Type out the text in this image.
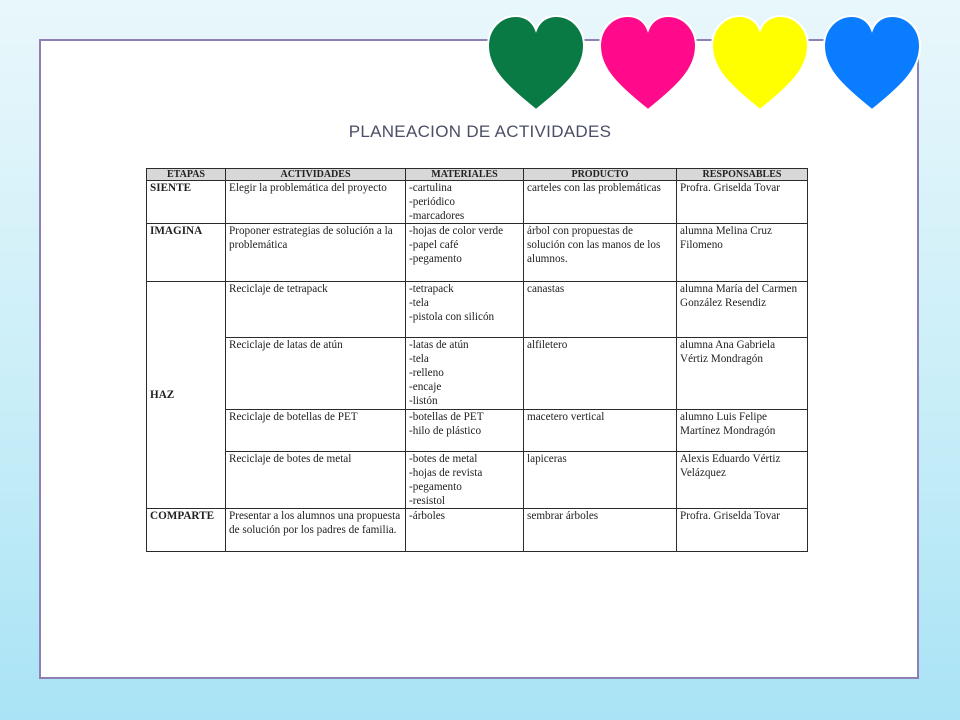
PLANEACION DE ACTIVIDADES
ETAPAS	ACTIVIDADES	MATERIALES	PRODUCTO	RESPONSABLES
SIENTE	Elegir la problemática del proyecto	-cartulina
-periódico
-marcadores	carteles con las problemáticas	Profra. Griselda Tovar
IMAGINA	Proponer estrategias de solución a la problemática	-hojas de color verde
-papel café
-pegamento	árbol con propuestas de solución con las manos de los alumnos.	alumna Melina Cruz Filomeno
HAZ	Reciclaje de tetrapack	-tetrapack
-tela
-pistola con silicón	canastas	alumna María del Carmen González Resendiz
	Reciclaje de latas de atún	-latas de atún
-tela
-relleno
-encaje
-listón	alfiletero	alumna Ana Gabriela Vértiz Mondragón
	Reciclaje de botellas de PET	-botellas de PET
-hilo de plástico	macetero vertical	alumno Luis Felipe Martínez Mondragón
	Reciclaje de botes de metal	-botes de metal
-hojas de revista
-pegamento
-resistol	lapiceras	Alexis Eduardo Vértiz Velázquez
COMPARTE	Presentar a los alumnos una propuesta de solución por los padres de familia.	-árboles	sembrar árboles	Profra. Griselda Tovar
